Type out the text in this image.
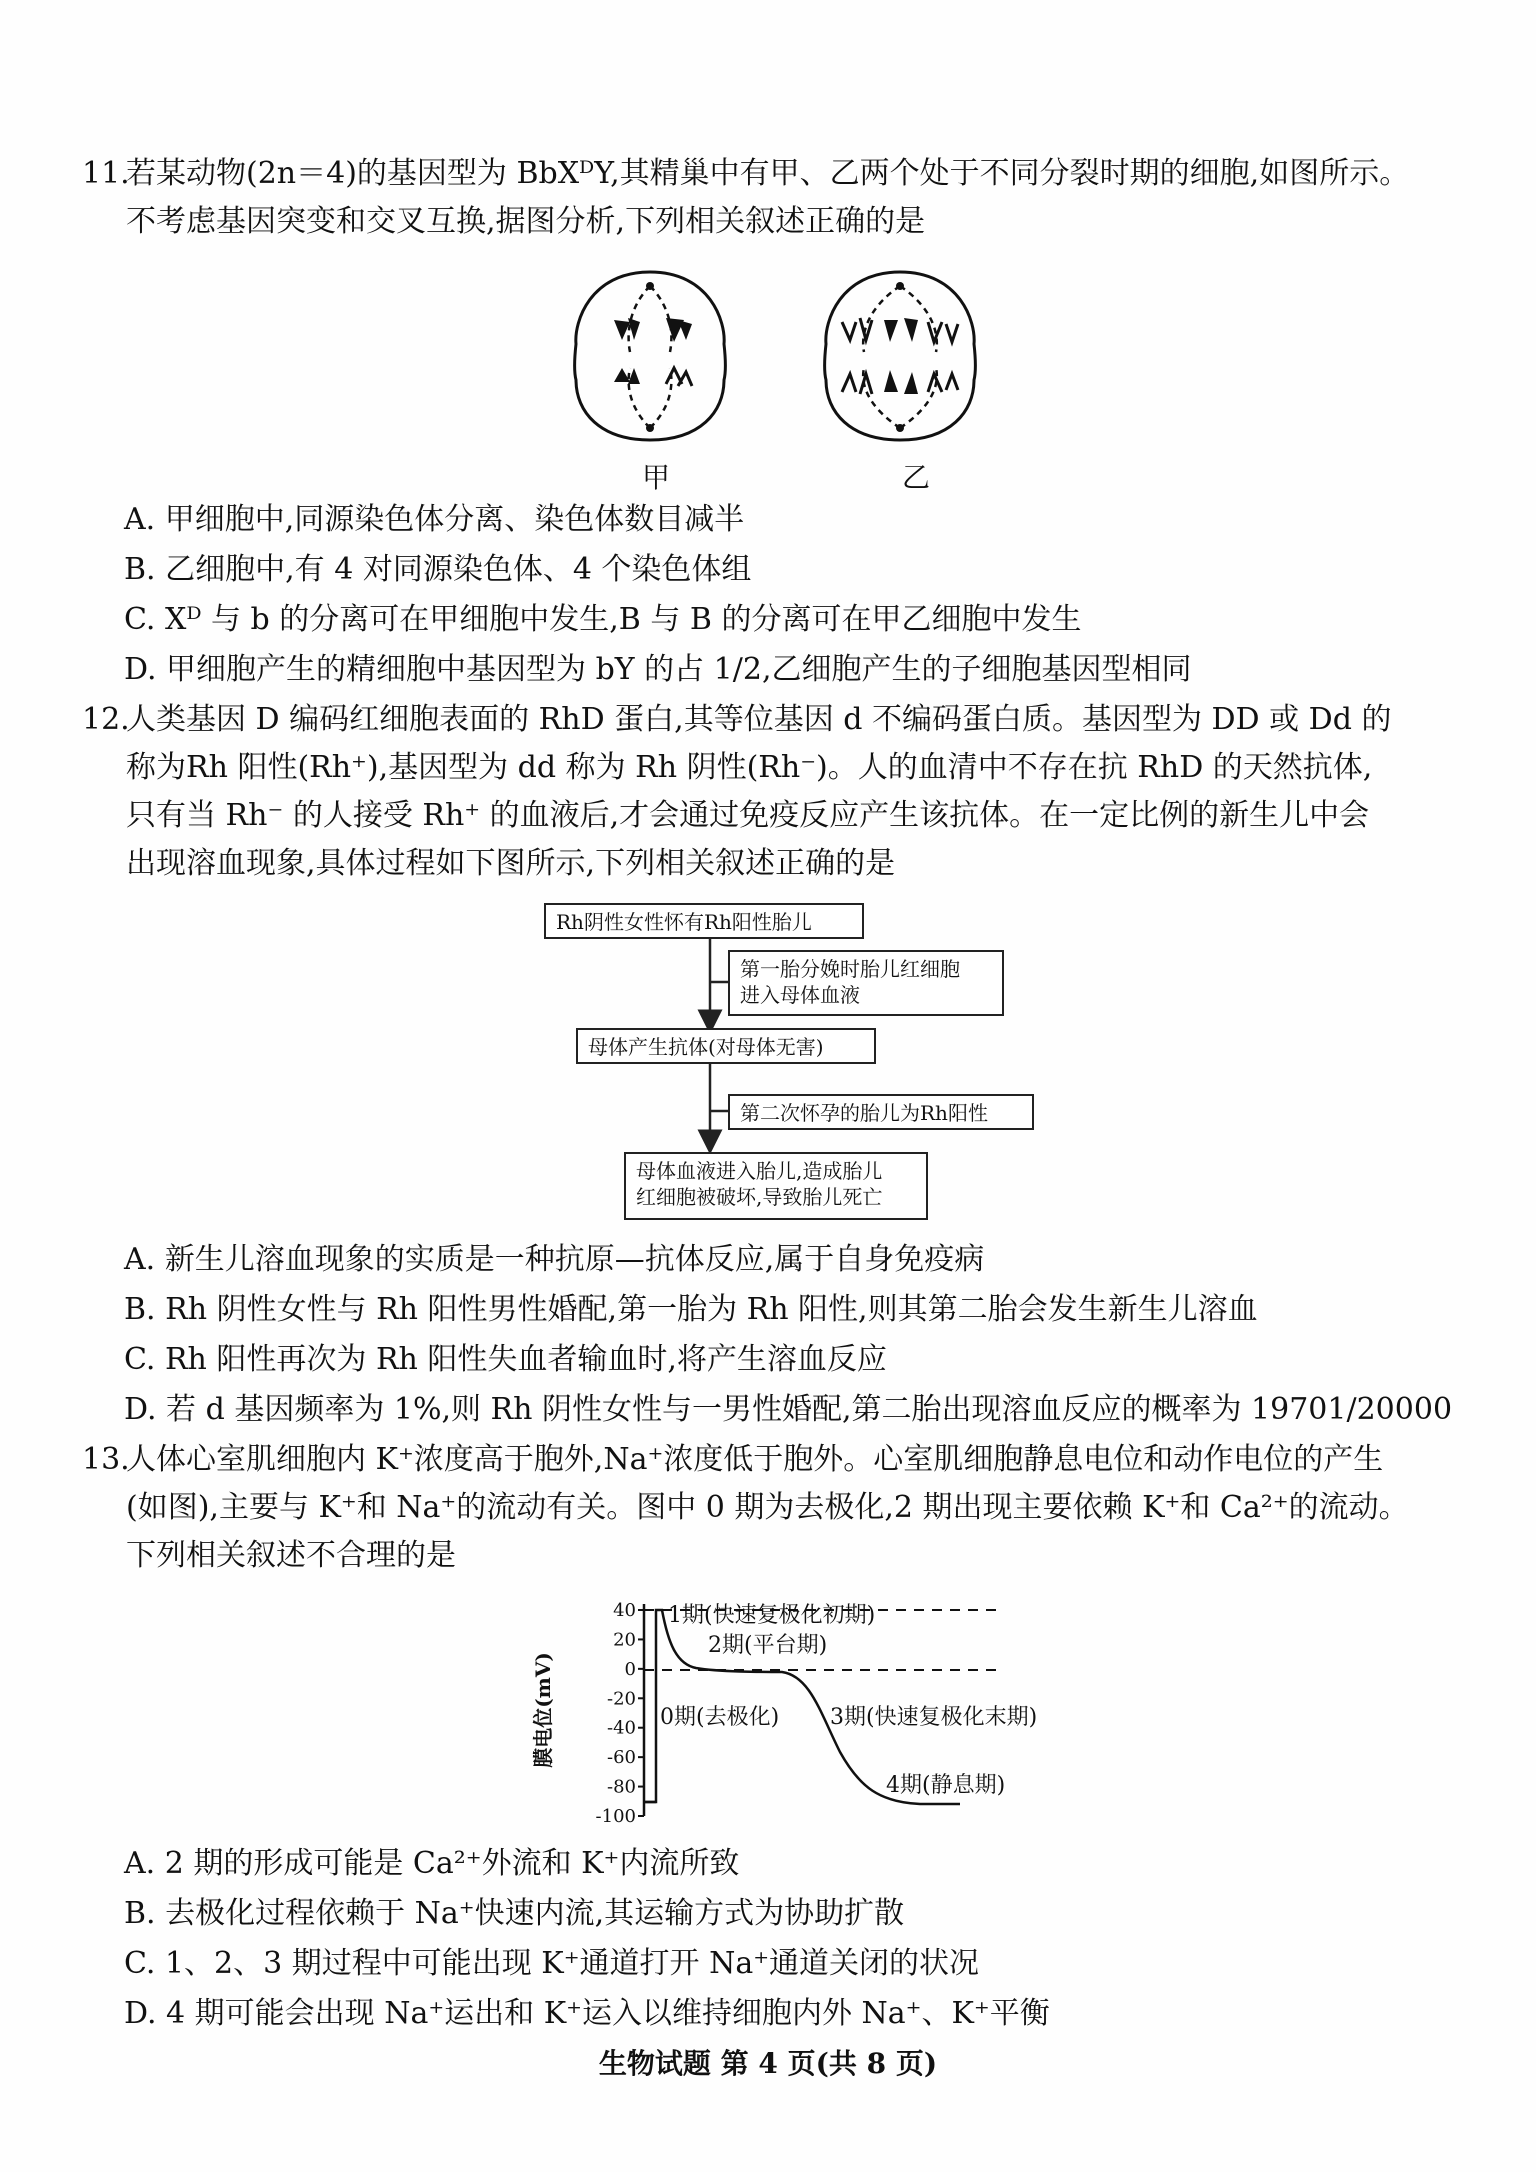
11.
若某动物(2n＝4)的基因型为 BbXᴰY,其精巢中有甲、乙两个处于不同分裂时期的细胞,如图所示。
不考虑基因突变和交叉互换,据图分析,下列相关叙述正确的是
甲	乙
A. 甲细胞中,同源染色体分离、染色体数目减半
B. 乙细胞中,有 4 对同源染色体、4 个染色体组
C. Xᴰ 与 b 的分离可在甲细胞中发生,B 与 B 的分离可在甲乙细胞中发生
D. 甲细胞产生的精细胞中基因型为 bY 的占 1/2,乙细胞产生的子细胞基因型相同
12.
人类基因 D 编码红细胞表面的 RhD 蛋白,其等位基因 d 不编码蛋白质。基因型为 DD 或 Dd 的
称为Rh 阳性(Rh⁺),基因型为 dd 称为 Rh 阴性(Rh⁻)。人的血清中不存在抗 RhD 的天然抗体,
只有当 Rh⁻ 的人接受 Rh⁺ 的血液后,才会通过免疫反应产生该抗体。在一定比例的新生儿中会
出现溶血现象,具体过程如下图所示,下列相关叙述正确的是
Rh阴性女性怀有Rh阳性胎儿
第一胎分娩时胎儿红细胞
进入母体血液
母体产生抗体(对母体无害)
第二次怀孕的胎儿为Rh阳性
母体血液进入胎儿,造成胎儿
红细胞被破坏,导致胎儿死亡
A. 新生儿溶血现象的实质是一种抗原—抗体反应,属于自身免疫病
B. Rh 阴性女性与 Rh 阳性男性婚配,第一胎为 Rh 阳性,则其第二胎会发生新生儿溶血
C. Rh 阳性再次为 Rh 阳性失血者输血时,将产生溶血反应
D. 若 d 基因频率为 1%,则 Rh 阴性女性与一男性婚配,第二胎出现溶血反应的概率为 19701/20000
13.
人体心室肌细胞内 K⁺浓度高于胞外,Na⁺浓度低于胞外。心室肌细胞静息电位和动作电位的产生
(如图),主要与 K⁺和 Na⁺的流动有关。图中 0 期为去极化,2 期出现主要依赖 K⁺和 Ca²⁺的流动。
下列相关叙述不合理的是
40
20
0
-20
-40
-60
-80
-100
膜电位(mV)
1期(快速复极化初期)
2期(平台期)
0期(去极化) 3期(快速复极化末期)
4期(静息期)
A. 2 期的形成可能是 Ca²⁺外流和 K⁺内流所致
B. 去极化过程依赖于 Na⁺快速内流,其运输方式为协助扩散
C. 1、2、3 期过程中可能出现 K⁺通道打开 Na⁺通道关闭的状况
D. 4 期可能会出现 Na⁺运出和 K⁺运入以维持细胞内外 Na⁺、K⁺平衡
生物试题 第 4 页(共 8 页)
